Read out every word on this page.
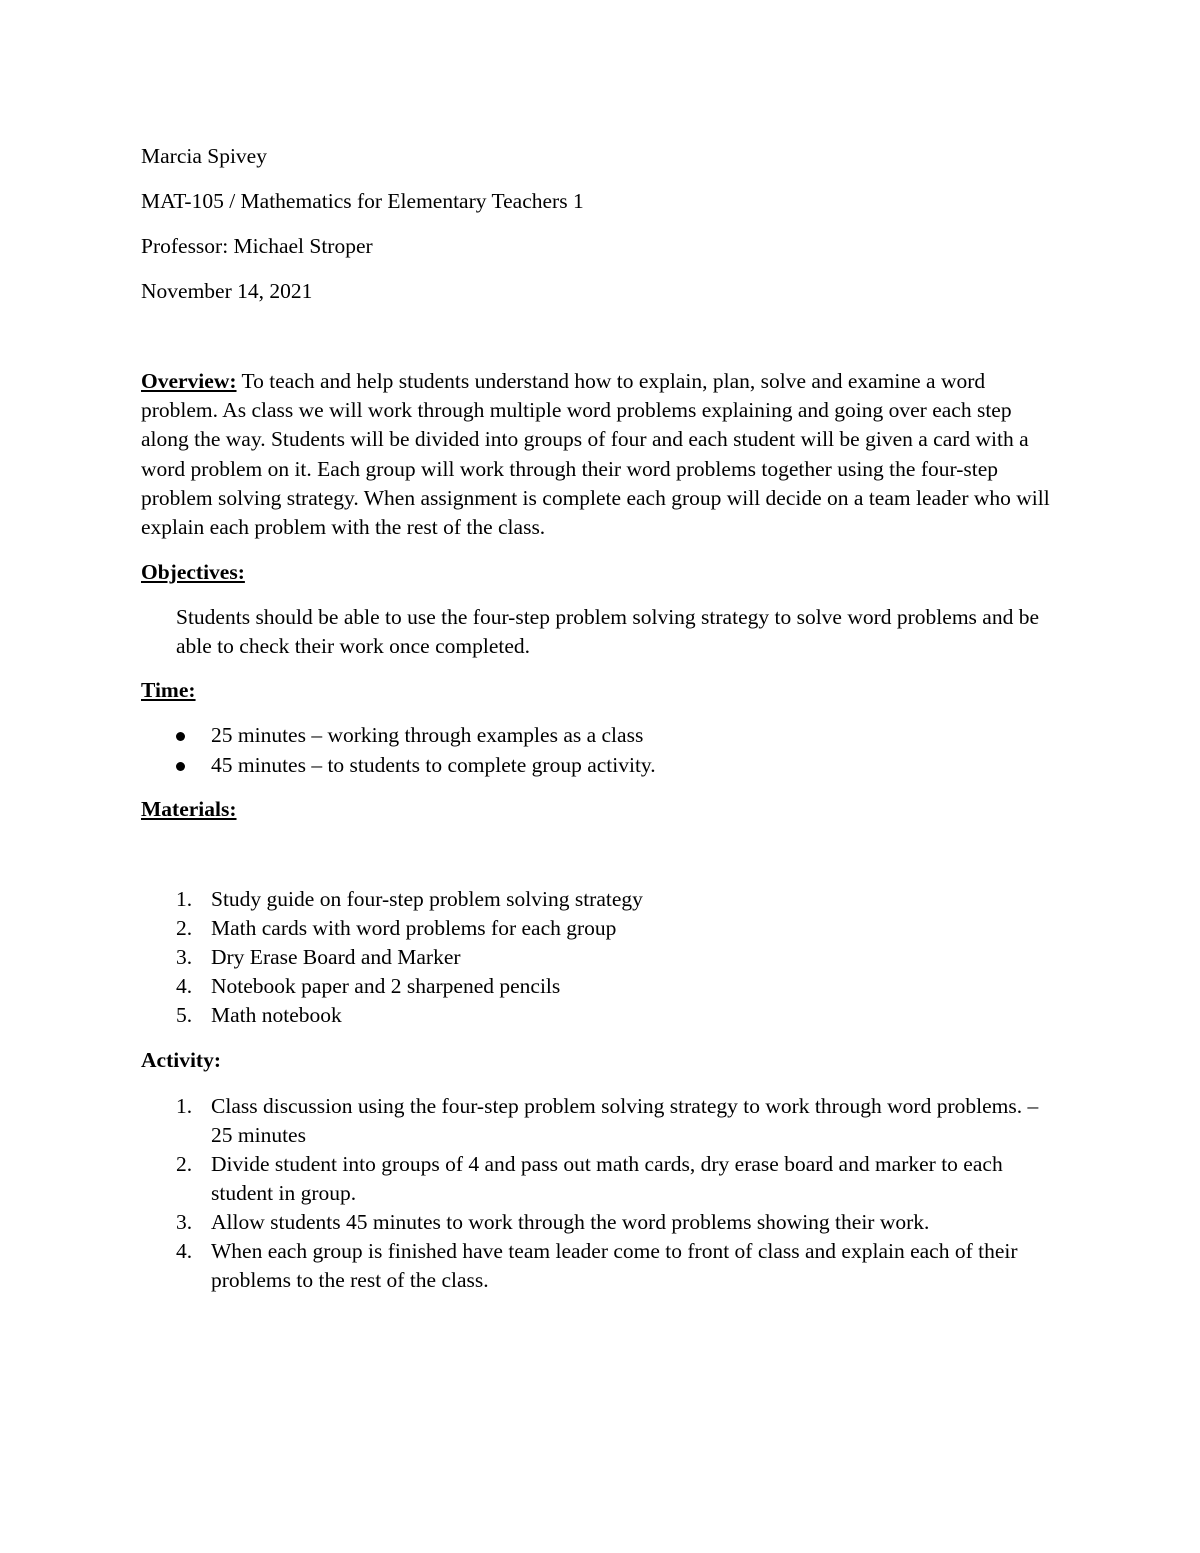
Marcia Spivey
MAT-105 / Mathematics for Elementary Teachers 1
Professor: Michael Stroper
November 14, 2021

Overview: To teach and help students understand how to explain, plan, solve and examine a word problem. As class we will work through multiple word problems explaining and going over each step along the way. Students will be divided into groups of four and each student will be given a card with a word problem on it. Each group will work through their word problems together using the four-step problem solving strategy. When assignment is complete each group will decide on a team leader who will explain each problem with the rest of the class.

Objectives:

Students should be able to use the four-step problem solving strategy to solve word problems and be able to check their work once completed.

Time:
25 minutes – working through examples as a class
45 minutes – to students to complete group activity.
Materials:
1. Study guide on four-step problem solving strategy
2. Math cards with word problems for each group
3. Dry Erase Board and Marker
4. Notebook paper and 2 sharpened pencils
5. Math notebook
Activity:
1. Class discussion using the four-step problem solving strategy to work through word problems. – 25 minutes
2. Divide student into groups of 4 and pass out math cards, dry erase board and marker to each student in group.
3. Allow students 45 minutes to work through the word problems showing their work.
4. When each group is finished have team leader come to front of class and explain each of their problems to the rest of the class.
